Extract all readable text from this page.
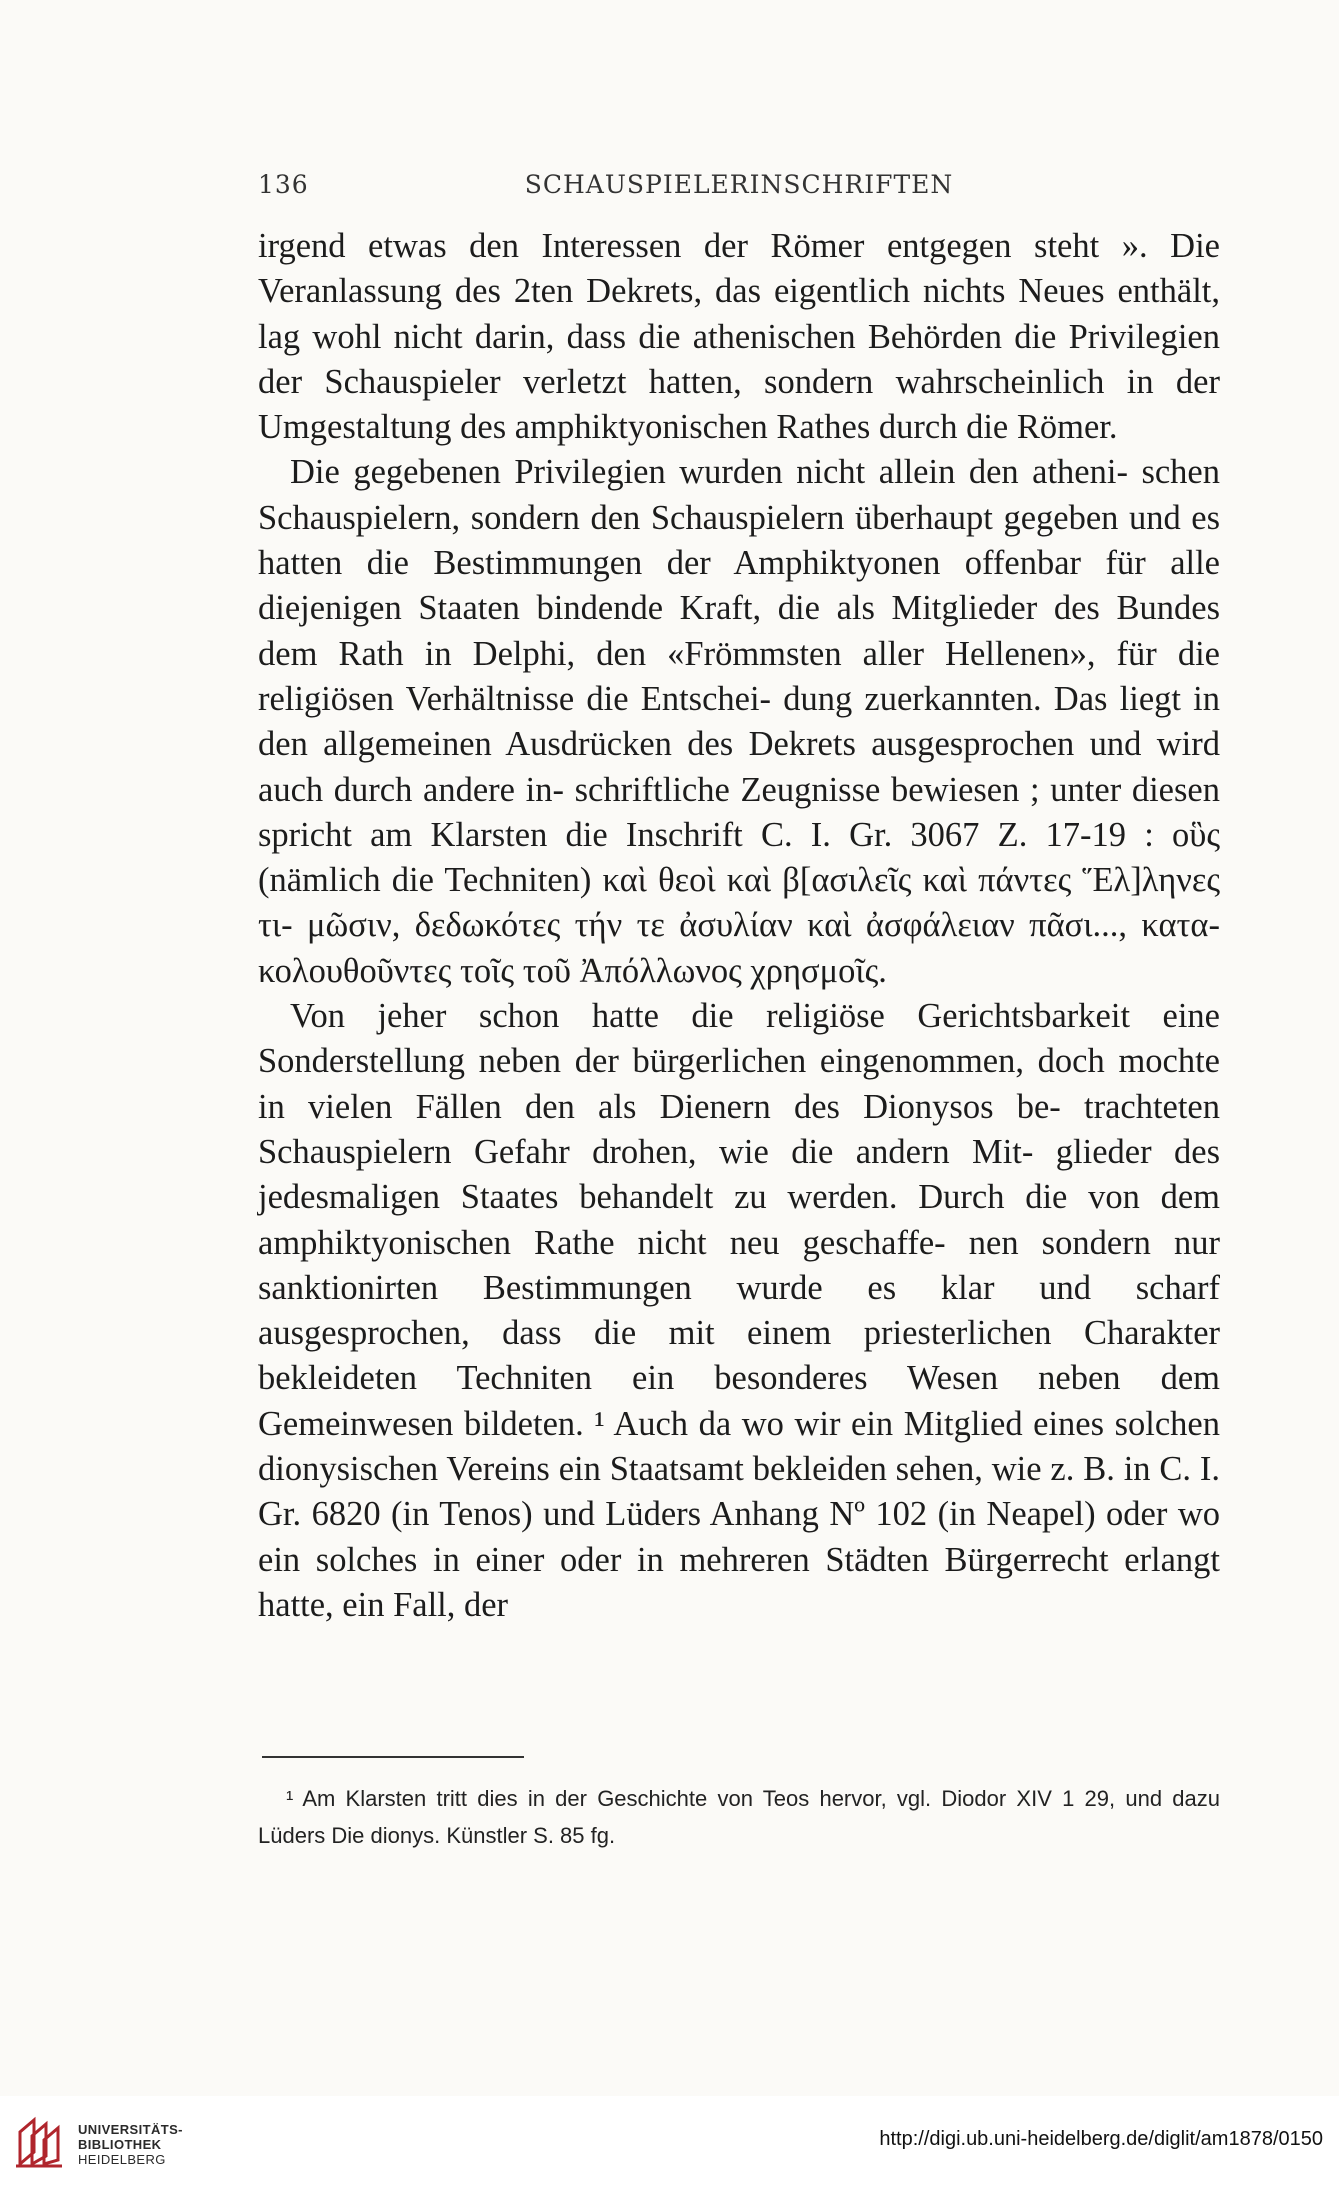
136	SCHAUSPIELERINSCHRIFTEN

irgend etwas den Interessen der Römer entgegen steht ». Die Veranlassung des 2ten Dekrets, das eigentlich nichts Neues enthält, lag wohl nicht darin, dass die athenischen Behörden die Privilegien der Schauspieler verletzt hatten, sondern wahrscheinlich in der Umgestaltung des amphiktyonischen Rathes durch die Römer.

Die gegebenen Privilegien wurden nicht allein den atheni- schen Schauspielern, sondern den Schauspielern überhaupt gegeben und es hatten die Bestimmungen der Amphiktyonen offenbar für alle diejenigen Staaten bindende Kraft, die als Mitglieder des Bundes dem Rath in Delphi, den «Frömmsten aller Hellenen», für die religiösen Verhältnisse die Entschei- dung zuerkannten. Das liegt in den allgemeinen Ausdrücken des Dekrets ausgesprochen und wird auch durch andere in- schriftliche Zeugnisse bewiesen ; unter diesen spricht am Klarsten die Inschrift C. I. Gr. 3067 Z. 17-19 : οὓς (nämlich die Techniten) καὶ θεοὶ καὶ β[ασιλεῖς καὶ πάντες Ἕλ]ληνες τι- μῶσιν, δεδωκότες τήν τε ἀσυλίαν καὶ ἀσφάλειαν πᾶσι..., κατα- κολουθοῦντες τοῖς τοῦ Ἀπόλλωνος χρησμοῖς.

Von jeher schon hatte die religiöse Gerichtsbarkeit eine Sonderstellung neben der bürgerlichen eingenommen, doch mochte in vielen Fällen den als Dienern des Dionysos be- trachteten Schauspielern Gefahr drohen, wie die andern Mit- glieder des jedesmaligen Staates behandelt zu werden. Durch die von dem amphiktyonischen Rathe nicht neu geschaffe- nen sondern nur sanktionirten Bestimmungen wurde es klar und scharf ausgesprochen, dass die mit einem priesterlichen Charakter bekleideten Techniten ein besonderes Wesen neben dem Gemeinwesen bildeten. ¹ Auch da wo wir ein Mitglied eines solchen dionysischen Vereins ein Staatsamt bekleiden sehen, wie z. B. in C. I. Gr. 6820 (in Tenos) und Lüders Anhang Nº 102 (in Neapel) oder wo ein solches in einer oder in mehreren Städten Bürgerrecht erlangt hatte, ein Fall, der

¹ Am Klarsten tritt dies in der Geschichte von Teos hervor, vgl. Diodor XIV 1 29, und dazu Lüders Die dionys. Künstler S. 85 fg.

UNIVERSITÄTS-
BIBLIOTHEK
HEIDELBERG
http://digi.ub.uni-heidelberg.de/diglit/am1878/0150
